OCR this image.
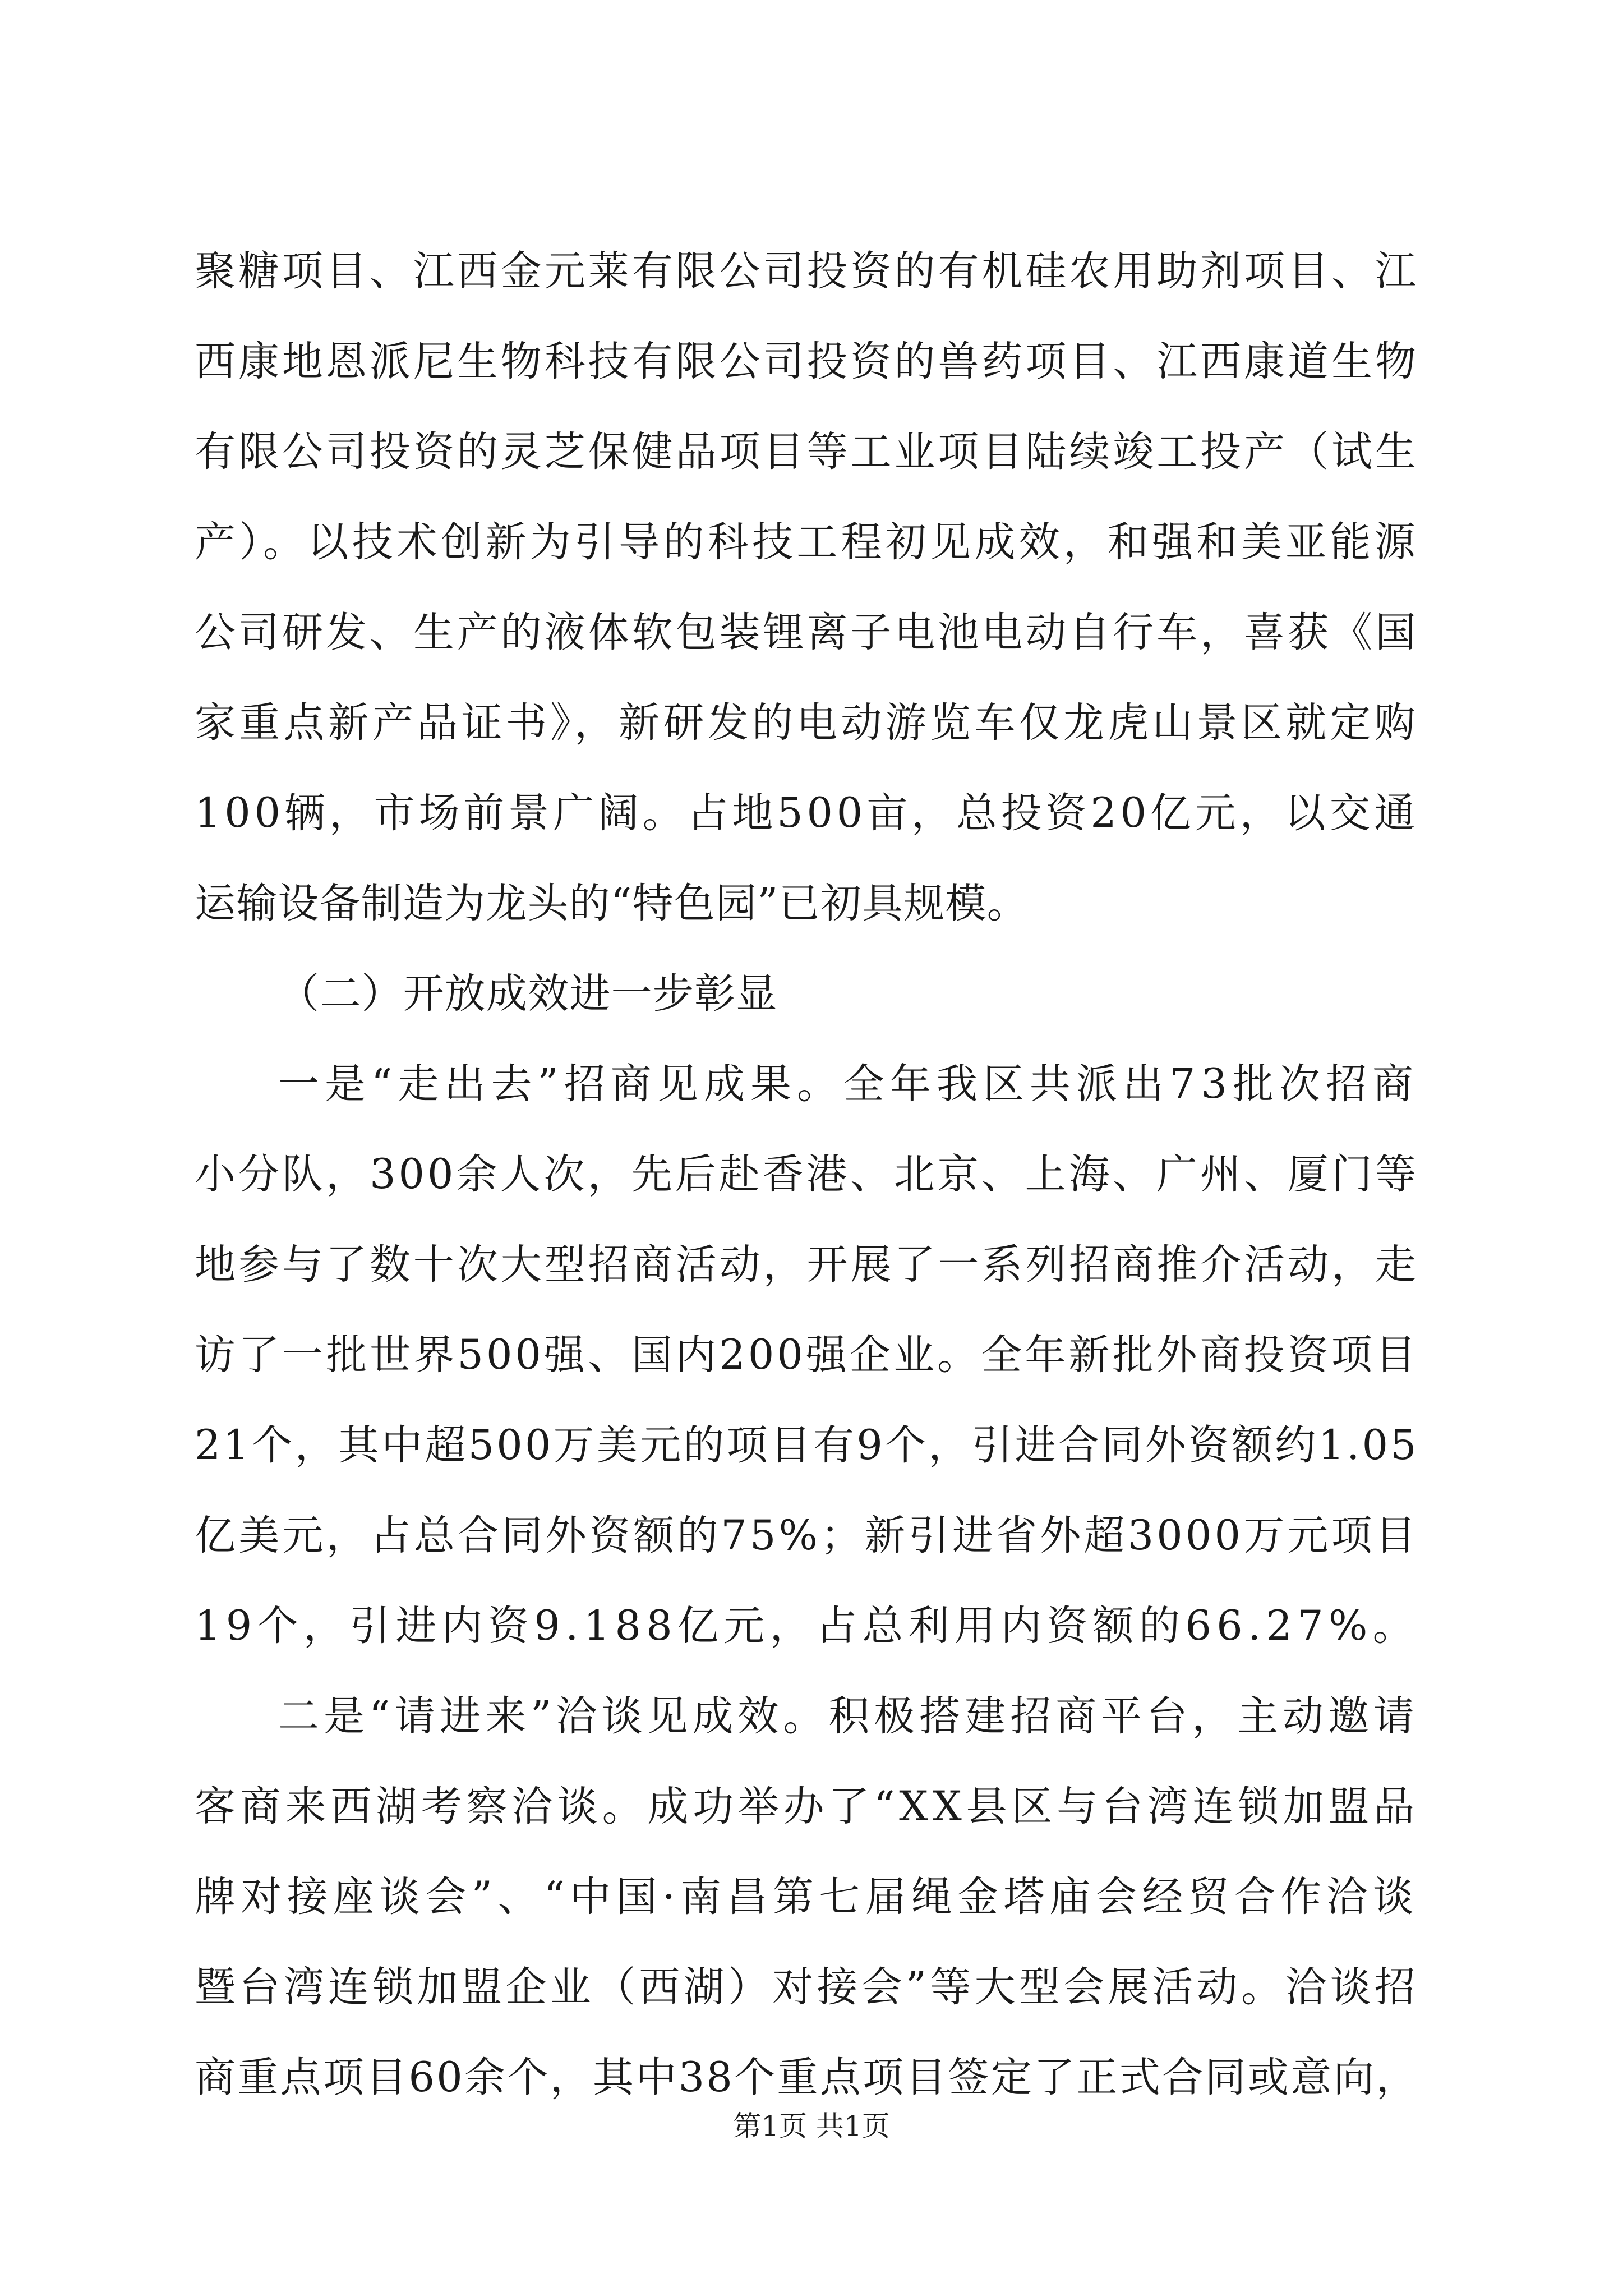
聚糖项目、江西金元莱有限公司投资的有机硅农用助剂项目、江
西康地恩派尼生物科技有限公司投资的兽药项目、江西康道生物
有限公司投资的灵芝保健品项目等工业项目陆续竣工投产（试生
产）。以技术创新为引导的科技工程初见成效，和强和美亚能源
公司研发、生产的液体软包装锂离子电池电动自行车，喜获《国
家重点新产品证书》，新研发的电动游览车仅龙虎山景区就定购
100辆，市场前景广阔。占地500亩，总投资20亿元，以交通
运输设备制造为龙头的“特色园”已初具规模。
（二）开放成效进一步彰显
一是“走出去”招商见成果。全年我区共派出73批次招商
小分队，300余人次，先后赴香港、北京、上海、广州、厦门等
地参与了数十次大型招商活动，开展了一系列招商推介活动，走
访了一批世界500强、国内200强企业。全年新批外商投资项目
21个，其中超500万美元的项目有9个，引进合同外资额约1.05
亿美元，占总合同外资额的75%；新引进省外超3000万元项目
19个，引进内资9.188亿元，占总利用内资额的66.27%。
二是“请进来”洽谈见成效。积极搭建招商平台，主动邀请
客商来西湖考察洽谈。成功举办了“XX县区与台湾连锁加盟品
牌对接座谈会”、“中国·南昌第七届绳金塔庙会经贸合作洽谈
暨台湾连锁加盟企业（西湖）对接会”等大型会展活动。洽谈招
商重点项目60余个，其中38个重点项目签定了正式合同或意向，
第1页 共1页
